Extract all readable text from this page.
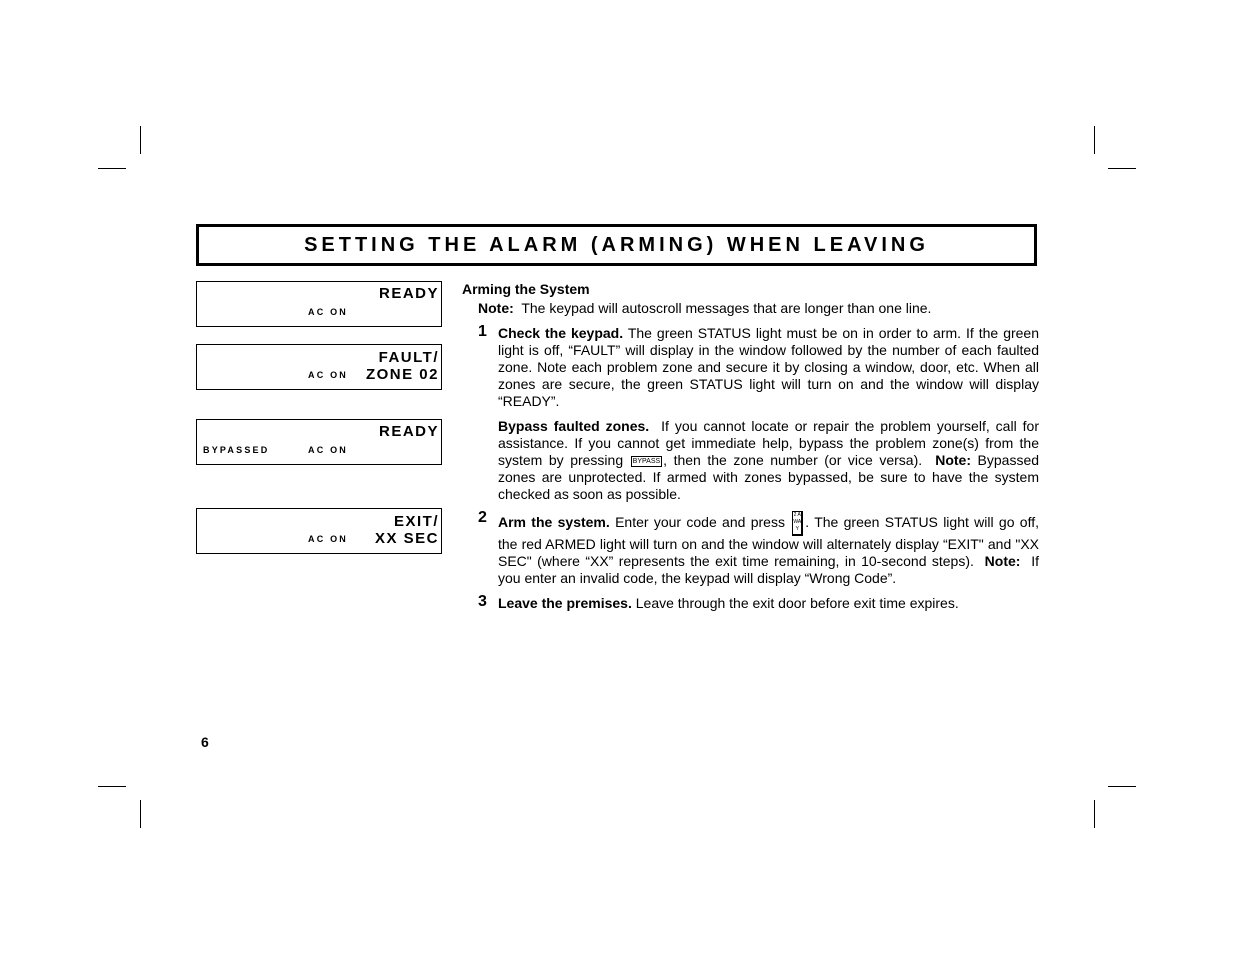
SETTING THE ALARM (ARMING) WHEN LEAVING
READY
AC ON
FAULT/
ZONE 02
AC ON
READY
BYPASSED	AC ON
EXIT/
XX SEC
AC ON
Arming the System
Note: The keypad will autoscroll messages that are longer than one line.
1 Check the keypad. The green STATUS light must be on in order to arm. If the green light is off, “FAULT” will display in the window followed by the number of each faulted zone. Note each problem zone and secure it by closing a window, door, etc. When all zones are secure, the green STATUS light will turn on and the window will display “READY”.

Bypass faulted zones. If you cannot locate or repair the problem yourself, call for assistance. If you cannot get immediate help, bypass the problem zone(s) from the system by pressing BYPASS , then the zone number (or vice versa). Note: Bypassed zones are unprotected. If armed with zones bypassed, be sure to have the system checked as soon as possible.

2 Arm the system. Enter your code and press 2 AWAY . The green STATUS light will go off, the red ARMED light will turn on and the window will alternately display “EXIT" and "XX SEC" (where “XX” represents the exit time remaining, in 10-second steps). Note: If you enter an invalid code, the keypad will display “Wrong Code”.

3 Leave the premises. Leave through the exit door before exit time expires.

6
